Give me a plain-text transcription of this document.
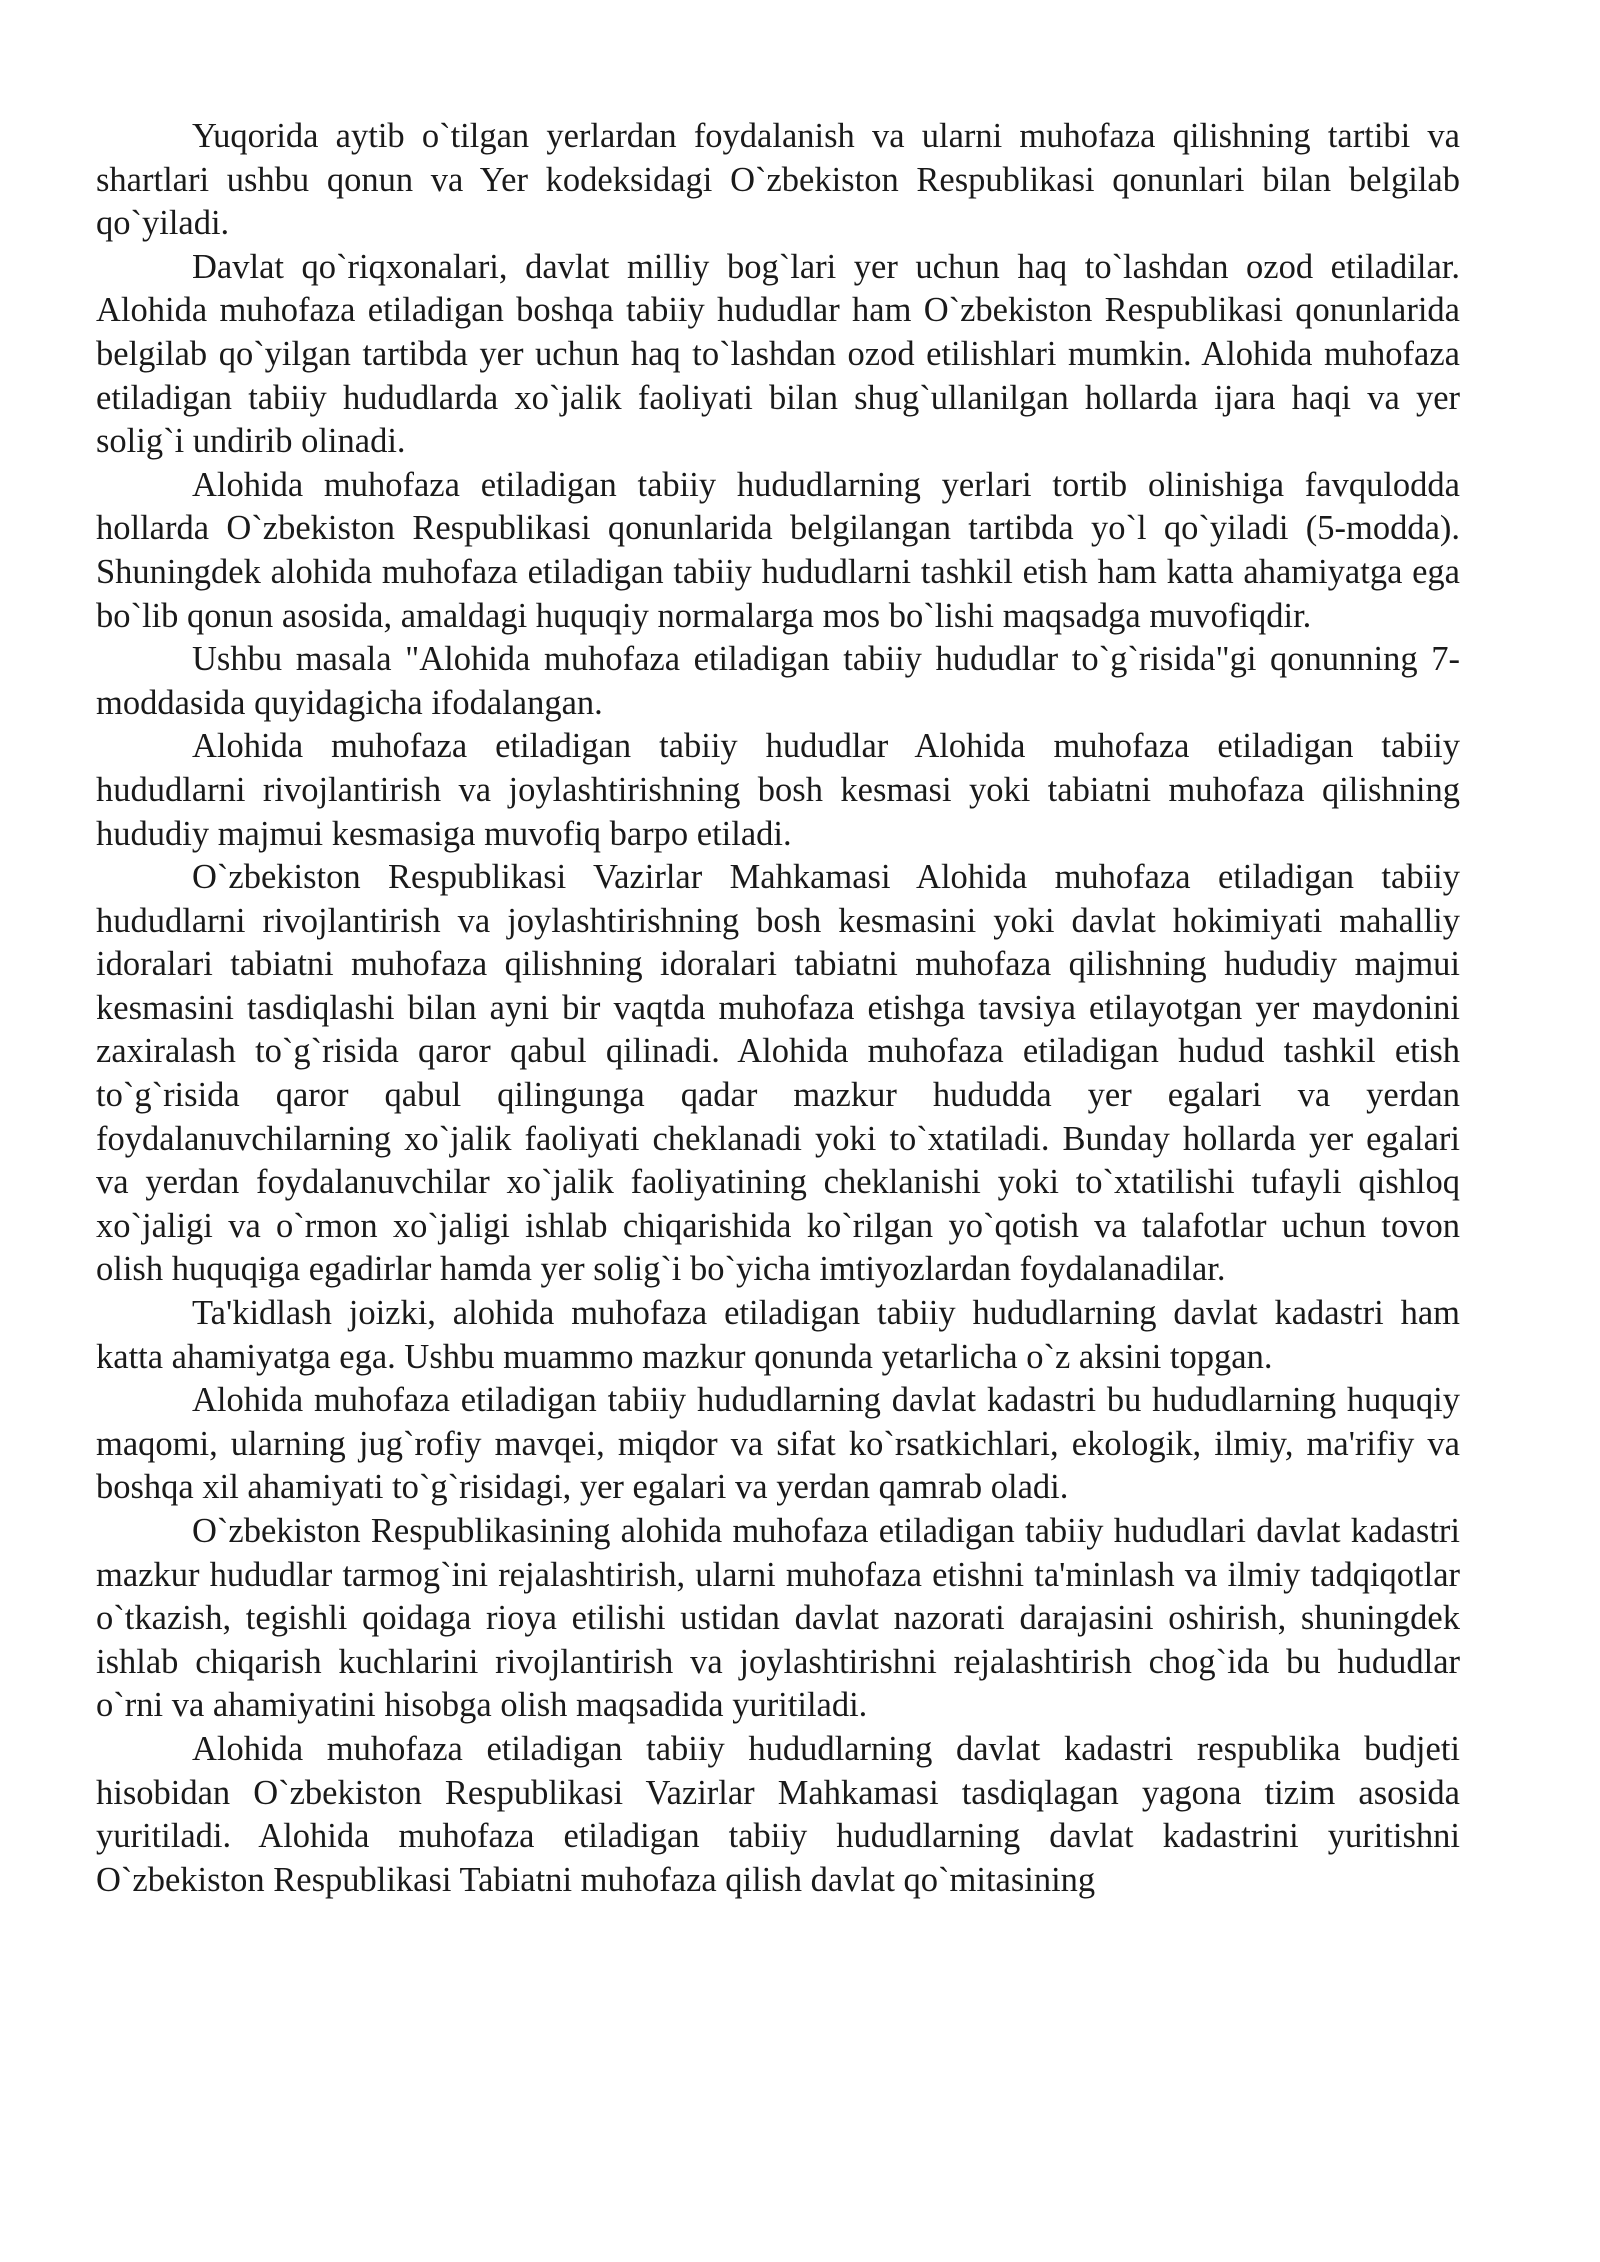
Yuqorida aytib o`tilgan yerlardan foydalanish va ularni muhofaza qilishning tartibi va shartlari ushbu qonun va Yer kodeksidagi O`zbekiston Respublikasi qonunlari bilan belgilab qo`yiladi.

Davlat qo`riqxonalari, davlat milliy bog`lari yer uchun haq to`lashdan ozod etiladilar. Alohida muhofaza etiladigan boshqa tabiiy hududlar ham O`zbekiston Respublikasi qonunlarida belgilab qo`yilgan tartibda yer uchun haq to`lashdan ozod etilishlari mumkin. Alohida muhofaza etiladigan tabiiy hududlarda xo`jalik faoliyati bilan shug`ullanilgan hollarda ijara haqi va yer solig`i undirib olinadi.

Alohida muhofaza etiladigan tabiiy hududlarning yerlari tortib olinishiga favqulodda hollarda O`zbekiston Respublikasi qonunlarida belgilangan tartibda yo`l qo`yiladi (5-modda). Shuningdek alohida muhofaza etiladigan tabiiy hududlarni tashkil etish ham katta ahamiyatga ega bo`lib qonun asosida, amaldagi huquqiy normalarga mos bo`lishi maqsadga muvofiqdir.

Ushbu masala "Alohida muhofaza etiladigan tabiiy hududlar to`g`risida"gi qonunning 7-moddasida quyidagicha ifodalangan.

Alohida muhofaza etiladigan tabiiy hududlar Alohida muhofaza etiladigan tabiiy hududlarni rivojlantirish va joylashtirishning bosh kesmasi yoki tabiatni muhofaza qilishning hududiy majmui kesmasiga muvofiq barpo etiladi.

O`zbekiston Respublikasi Vazirlar Mahkamasi Alohida muhofaza etiladigan tabiiy hududlarni rivojlantirish va joylashtirishning bosh kesmasini yoki davlat hokimiyati mahalliy idoralari tabiatni muhofaza qilishning idoralari tabiatni muhofaza qilishning hududiy majmui kesmasini tasdiqlashi bilan ayni bir vaqtda muhofaza etishga tavsiya etilayotgan yer maydonini zaxiralash to`g`risida qaror qabul qilinadi. Alohida muhofaza etiladigan hudud tashkil etish to`g`risida qaror qabul qilingunga qadar mazkur hududda yer egalari va yerdan foydalanuvchilarning xo`jalik faoliyati cheklanadi yoki to`xtatiladi. Bunday hollarda yer egalari va yerdan foydalanuvchilar xo`jalik faoliyatining cheklanishi yoki to`xtatilishi tufayli qishloq xo`jaligi va o`rmon xo`jaligi ishlab chiqarishida ko`rilgan yo`qotish va talafotlar uchun tovon olish huquqiga egadirlar hamda yer solig`i bo`yicha imtiyozlardan foydalanadilar.

Ta'kidlash joizki, alohida muhofaza etiladigan tabiiy hududlarning davlat kadastri ham katta ahamiyatga ega. Ushbu muammo mazkur qonunda yetarlicha o`z aksini topgan.

Alohida muhofaza etiladigan tabiiy hududlarning davlat kadastri bu hududlarning huquqiy maqomi, ularning jug`rofiy mavqei, miqdor va sifat ko`rsatkichlari, ekologik, ilmiy, ma'rifiy va boshqa xil ahamiyati to`g`risidagi, yer egalari va yerdan qamrab oladi.

O`zbekiston Respublikasining alohida muhofaza etiladigan tabiiy hududlari davlat kadastri mazkur hududlar tarmog`ini rejalashtirish, ularni muhofaza etishni ta'minlash va ilmiy tadqiqotlar o`tkazish, tegishli qoidaga rioya etilishi ustidan davlat nazorati darajasini oshirish, shuningdek ishlab chiqarish kuchlarini rivojlantirish va joylashtirishni rejalashtirish chog`ida bu hududlar o`rni va ahamiyatini hisobga olish maqsadida yuritiladi.

Alohida muhofaza etiladigan tabiiy hududlarning davlat kadastri respublika budjeti hisobidan O`zbekiston Respublikasi Vazirlar Mahkamasi tasdiqlagan yagona tizim asosida yuritiladi. Alohida muhofaza etiladigan tabiiy hududlarning davlat kadastrini yuritishni O`zbekiston Respublikasi Tabiatni muhofaza qilish davlat qo`mitasining
